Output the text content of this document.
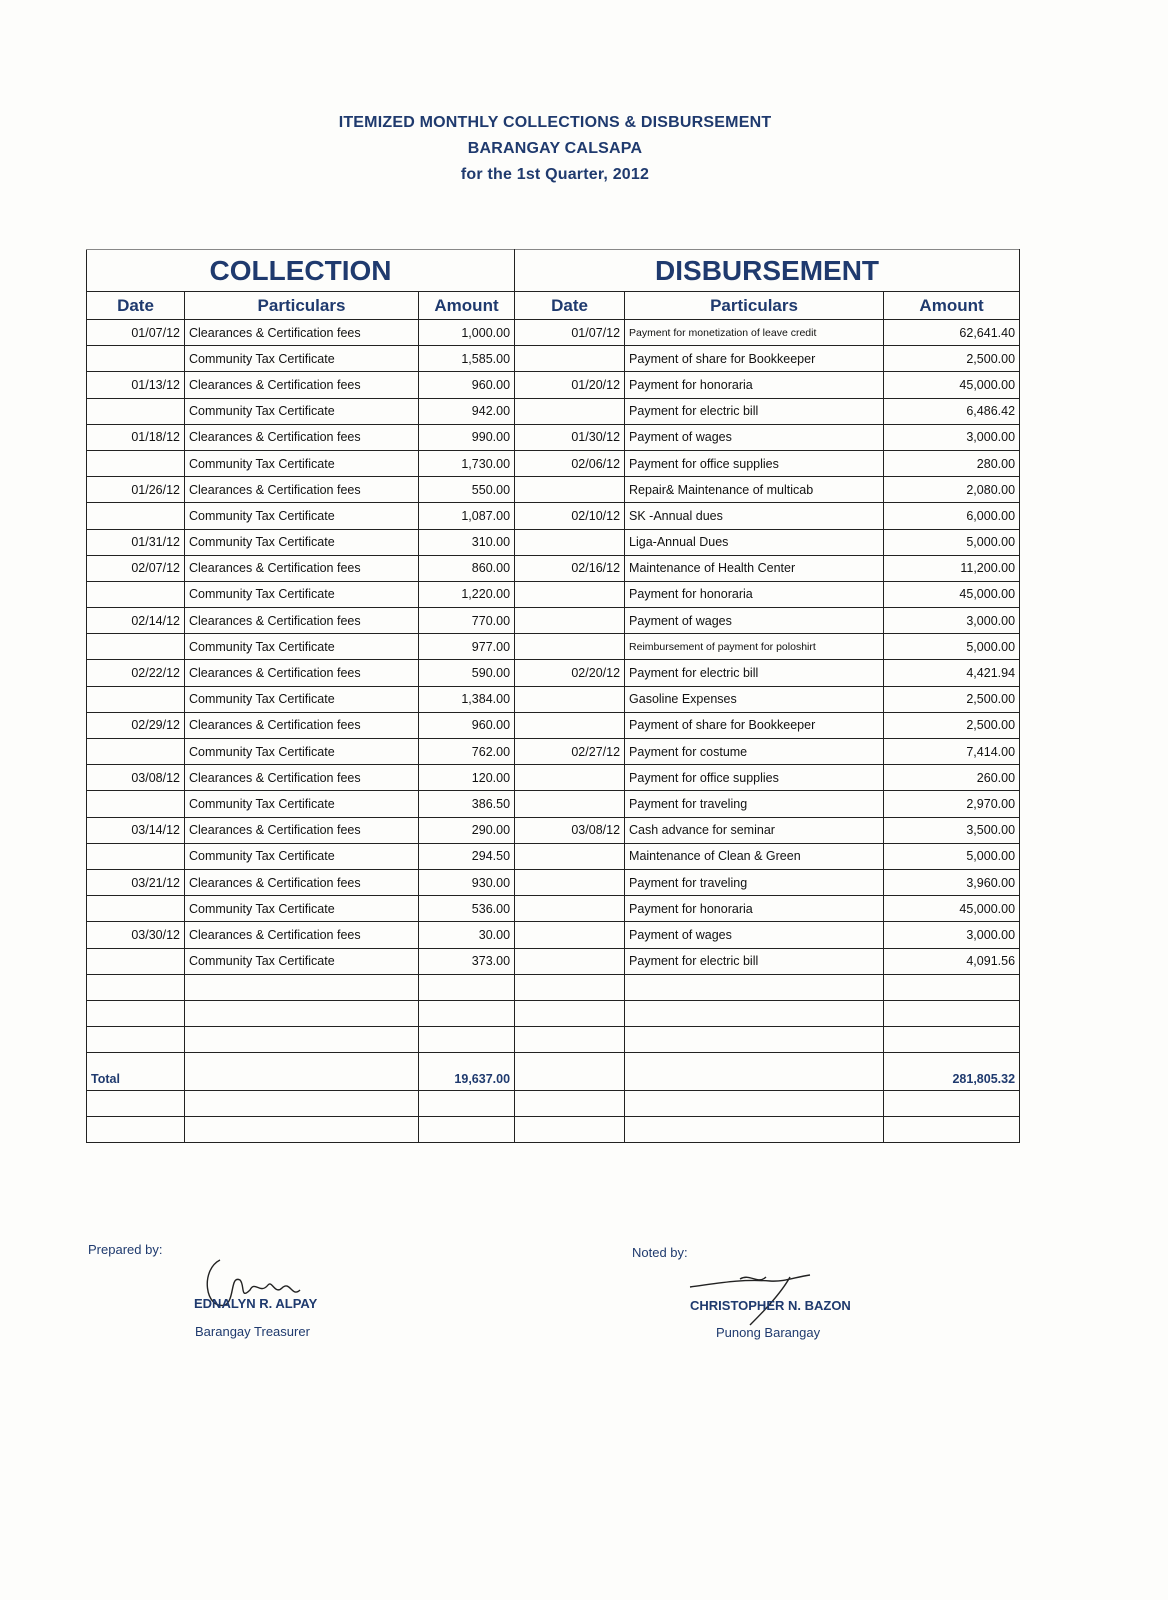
ITEMIZED MONTHLY COLLECTIONS & DISBURSEMENT
BARANGAY CALSAPA
for the 1st Quarter, 2012
COLLECTION			DISBURSEMENT		
Date	Particulars	Amount	Date	Particulars	Amount
01/07/12	Clearances & Certification fees	1,000.00	01/07/12	Payment for monetization of leave credit	62,641.40
	Community Tax Certificate	1,585.00		Payment of share for Bookkeeper	2,500.00
01/13/12	Clearances & Certification fees	960.00	01/20/12	Payment for honoraria	45,000.00
	Community Tax Certificate	942.00		Payment for electric bill	6,486.42
01/18/12	Clearances & Certification fees	990.00	01/30/12	Payment of wages	3,000.00
	Community Tax Certificate	1,730.00	02/06/12	Payment for office supplies	280.00
01/26/12	Clearances & Certification fees	550.00		Repair& Maintenance of multicab	2,080.00
	Community Tax Certificate	1,087.00	02/10/12	SK -Annual dues	6,000.00
01/31/12	Community Tax Certificate	310.00		Liga-Annual Dues	5,000.00
02/07/12	Clearances & Certification fees	860.00	02/16/12	Maintenance of Health Center	11,200.00
	Community Tax Certificate	1,220.00		Payment for honoraria	45,000.00
02/14/12	Clearances & Certification fees	770.00		Payment of wages	3,000.00
	Community Tax Certificate	977.00		Reimbursement of payment for poloshirt	5,000.00
02/22/12	Clearances & Certification fees	590.00	02/20/12	Payment for electric bill	4,421.94
	Community Tax Certificate	1,384.00		Gasoline Expenses	2,500.00
02/29/12	Clearances & Certification fees	960.00		Payment of share for Bookkeeper	2,500.00
	Community Tax Certificate	762.00	02/27/12	Payment for costume	7,414.00
03/08/12	Clearances & Certification fees	120.00		Payment for office supplies	260.00
	Community Tax Certificate	386.50		Payment for traveling	2,970.00
03/14/12	Clearances & Certification fees	290.00	03/08/12	Cash advance for seminar	3,500.00
	Community Tax Certificate	294.50		Maintenance of Clean & Green	5,000.00
03/21/12	Clearances & Certification fees	930.00		Payment for traveling	3,960.00
	Community Tax Certificate	536.00		Payment for honoraria	45,000.00
03/30/12	Clearances & Certification fees	30.00		Payment of wages	3,000.00
	Community Tax Certificate	373.00		Payment for electric bill	4,091.56

Total		19,637.00			281,805.32

Prepared by:	Noted by:
EDNALYN R. ALPAY
Barangay Treasurer
CHRISTOPHER N. BAZON
Punong Barangay
